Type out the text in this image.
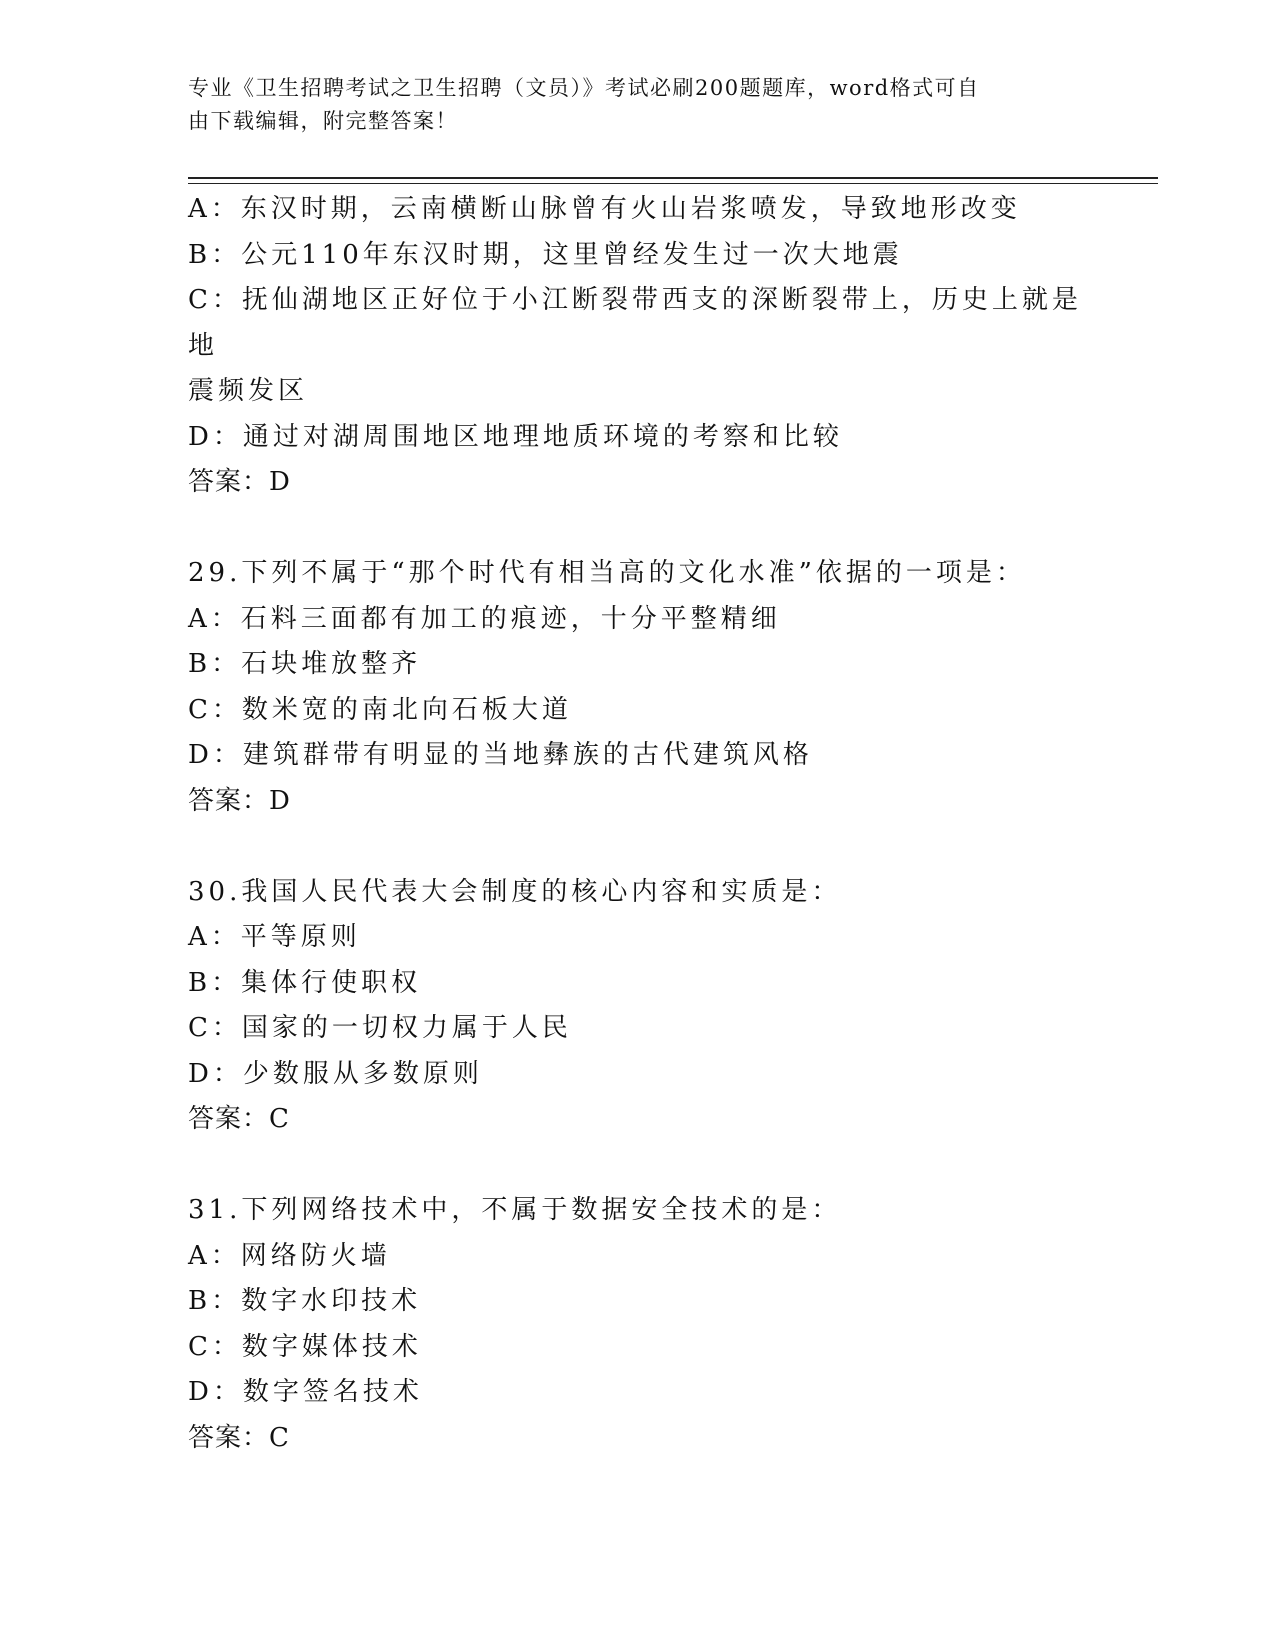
专业《卫生招聘考试之卫生招聘（文员）》考试必刷200题题库，word格式可自
由下载编辑，附完整答案！
A：东汉时期，云南横断山脉曾有火山岩浆喷发，导致地形改变
B：公元110年东汉时期，这里曾经发生过一次大地震
C：抚仙湖地区正好位于小江断裂带西支的深断裂带上，历史上就是地
震频发区
D：通过对湖周围地区地理地质环境的考察和比较
答案：D
29.下列不属于“那个时代有相当高的文化水准”依据的一项是：
A：石料三面都有加工的痕迹，十分平整精细
B：石块堆放整齐
C：数米宽的南北向石板大道
D：建筑群带有明显的当地彝族的古代建筑风格
答案：D
30.我国人民代表大会制度的核心内容和实质是：
A：平等原则
B：集体行使职权
C：国家的一切权力属于人民
D：少数服从多数原则
答案：C
31.下列网络技术中，不属于数据安全技术的是：
A：网络防火墙
B：数字水印技术
C：数字媒体技术
D：数字签名技术
答案：C
